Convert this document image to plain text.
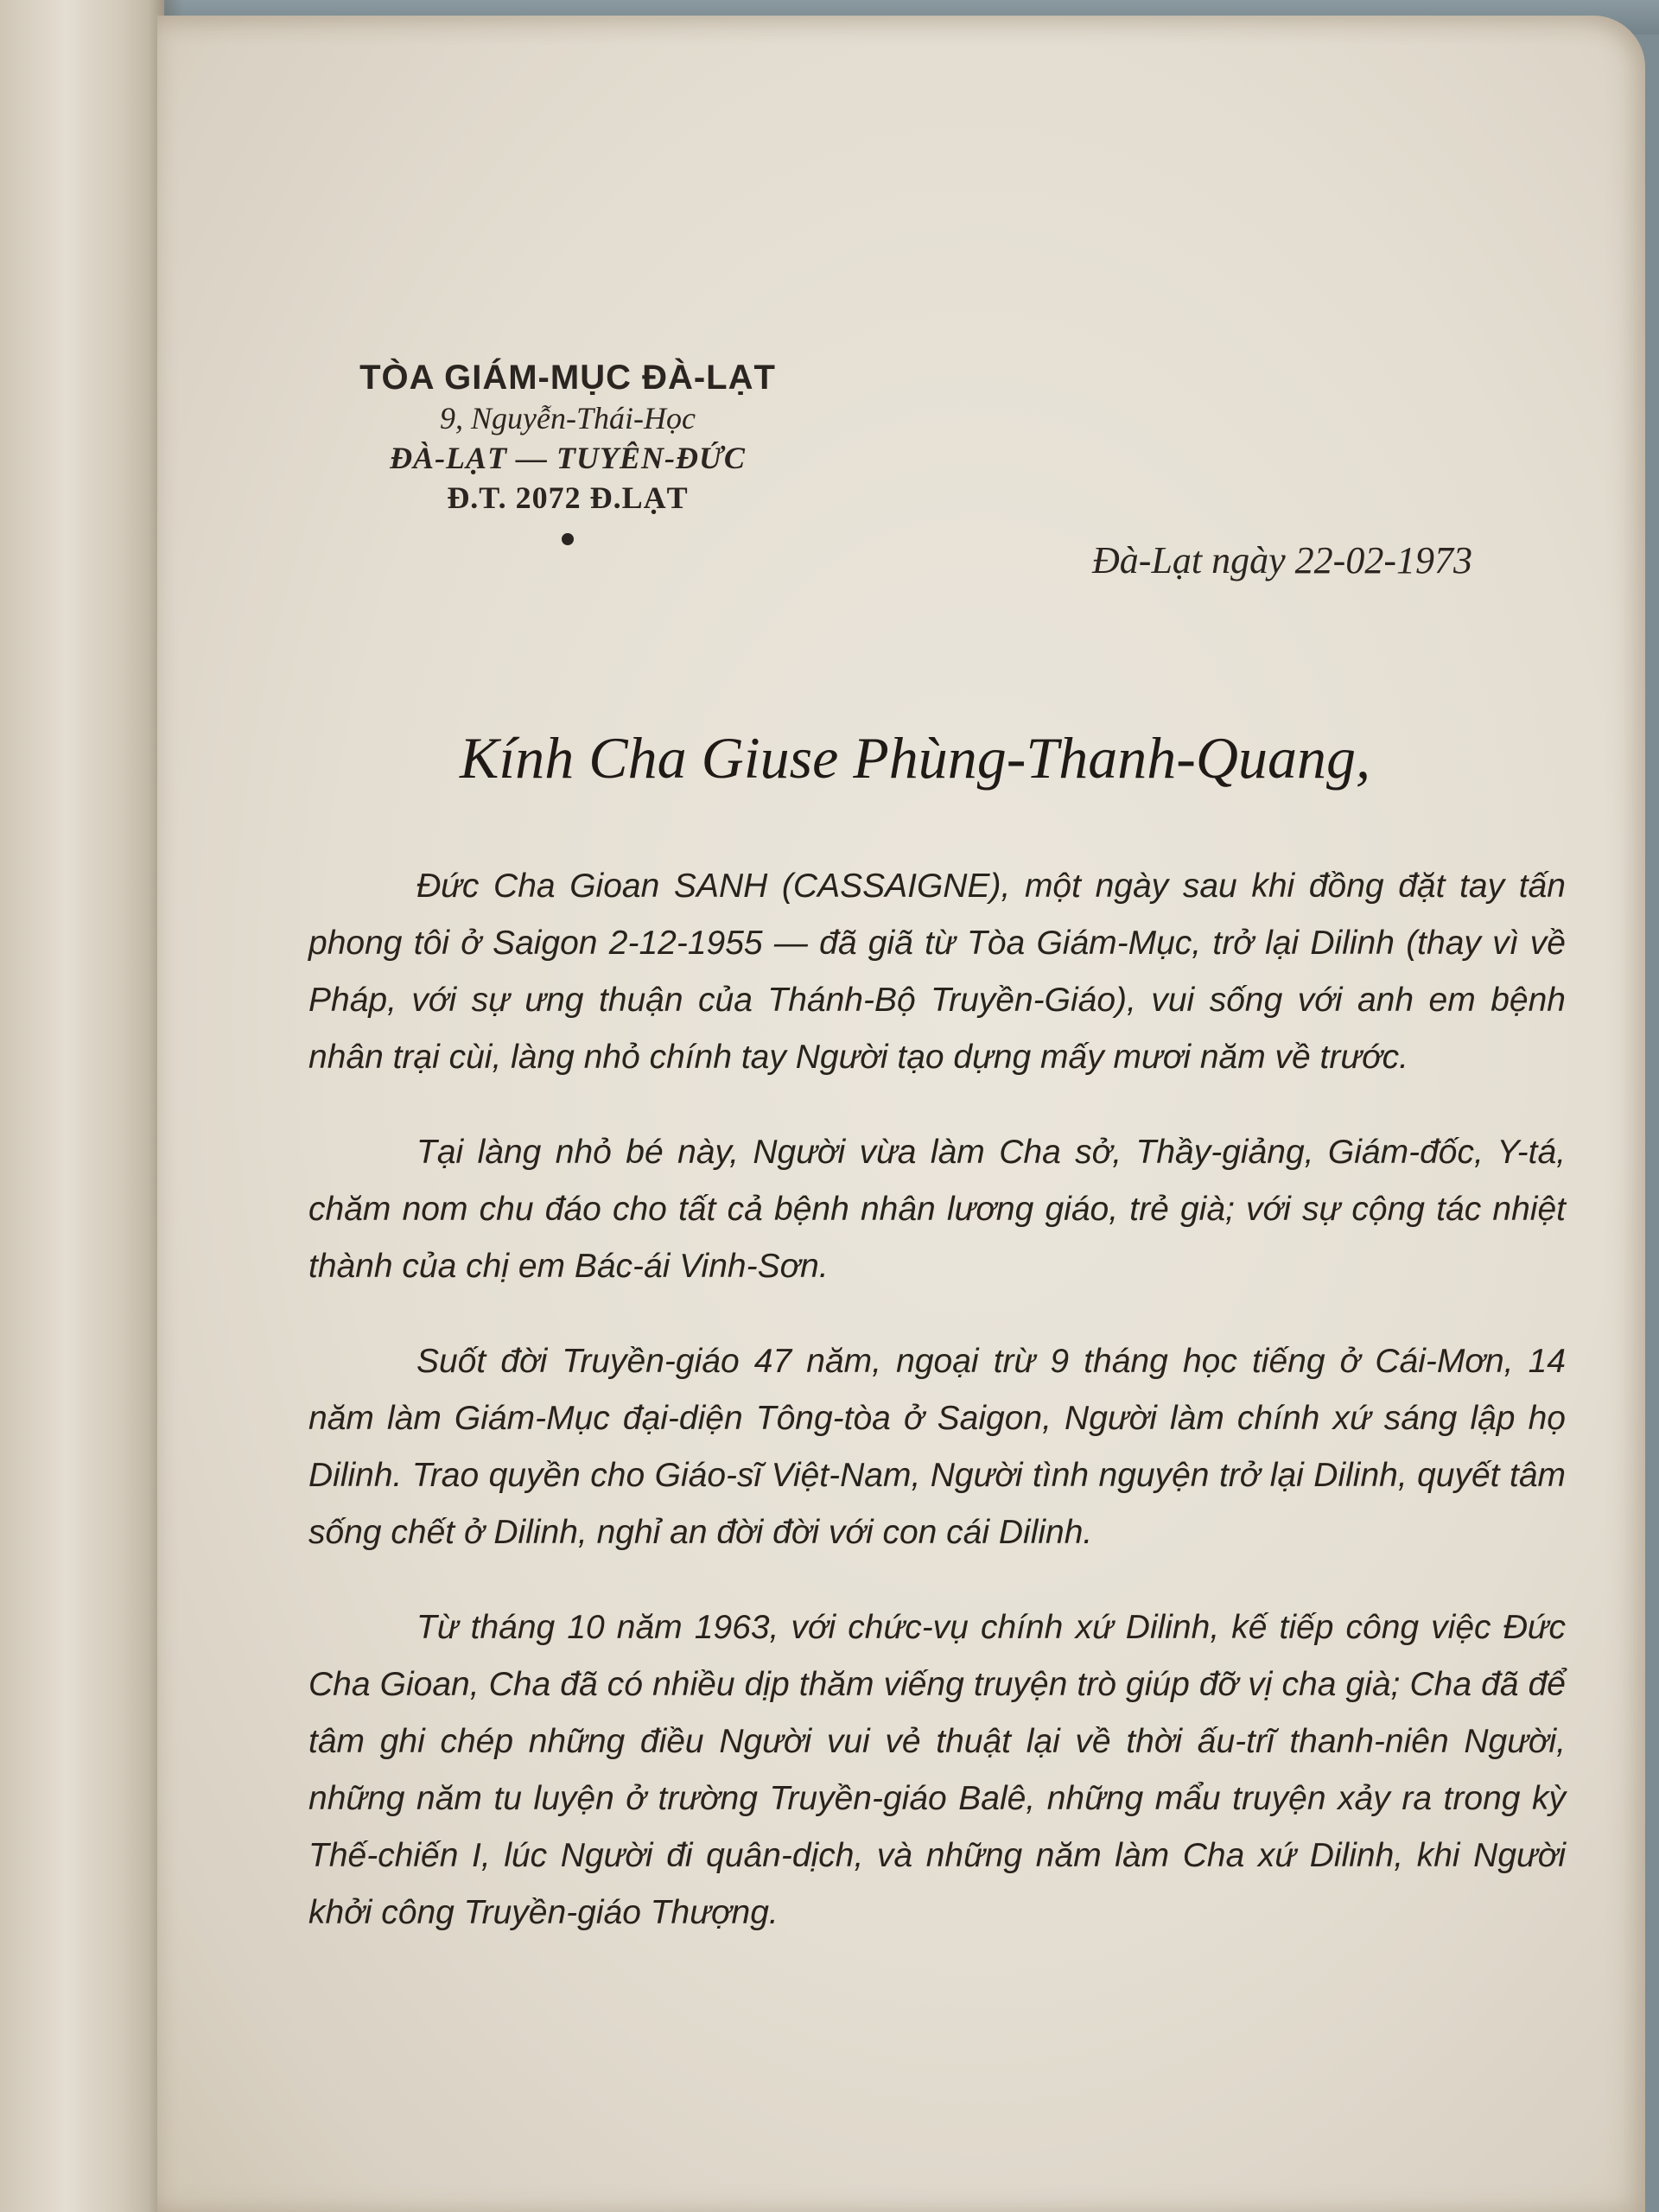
TÒA GIÁM-MỤC ĐÀ-LẠT
9, Nguyễn-Thái-Học
ĐÀ-LẠT — TUYÊN-ĐỨC
Đ.T. 2072 Đ.LẠT
Đà-Lạt ngày 22-02-1973
Kính Cha Giuse Phùng-Thanh-Quang,

Đức Cha Gioan SANH (CASSAIGNE), một ngày sau khi đồng đặt tay tấn phong tôi ở Saigon 2-12-1955 — đã giã từ Tòa Giám-Mục, trở lại Dilinh (thay vì về Pháp, với sự ưng thuận của Thánh-Bộ Truyền-Giáo), vui sống với anh em bệnh nhân trại cùi, làng nhỏ chính tay Người tạo dựng mấy mươi năm về trước.

Tại làng nhỏ bé này, Người vừa làm Cha sở, Thầy-giảng, Giám-đốc, Y-tá, chăm nom chu đáo cho tất cả bệnh nhân lương giáo, trẻ già; với sự cộng tác nhiệt thành của chị em Bác-ái Vinh-Sơn.

Suốt đời Truyền-giáo 47 năm, ngoại trừ 9 tháng học tiếng ở Cái-Mơn, 14 năm làm Giám-Mục đại-diện Tông-tòa ở Saigon, Người làm chính xứ sáng lập họ Dilinh. Trao quyền cho Giáo-sĩ Việt-Nam, Người tình nguyện trở lại Dilinh, quyết tâm sống chết ở Dilinh, nghỉ an đời đời với con cái Dilinh.

Từ tháng 10 năm 1963, với chức-vụ chính xứ Dilinh, kế tiếp công việc Đức Cha Gioan, Cha đã có nhiều dịp thăm viếng truyện trò giúp đỡ vị cha già; Cha đã để tâm ghi chép những điều Người vui vẻ thuật lại về thời ấu-trĩ thanh-niên Người, những năm tu luyện ở trường Truyền-giáo Balê, những mẩu truyện xảy ra trong kỳ Thế-chiến I, lúc Người đi quân-dịch, và những năm làm Cha xứ Dilinh, khi Người khởi công Truyền-giáo Thượng.
